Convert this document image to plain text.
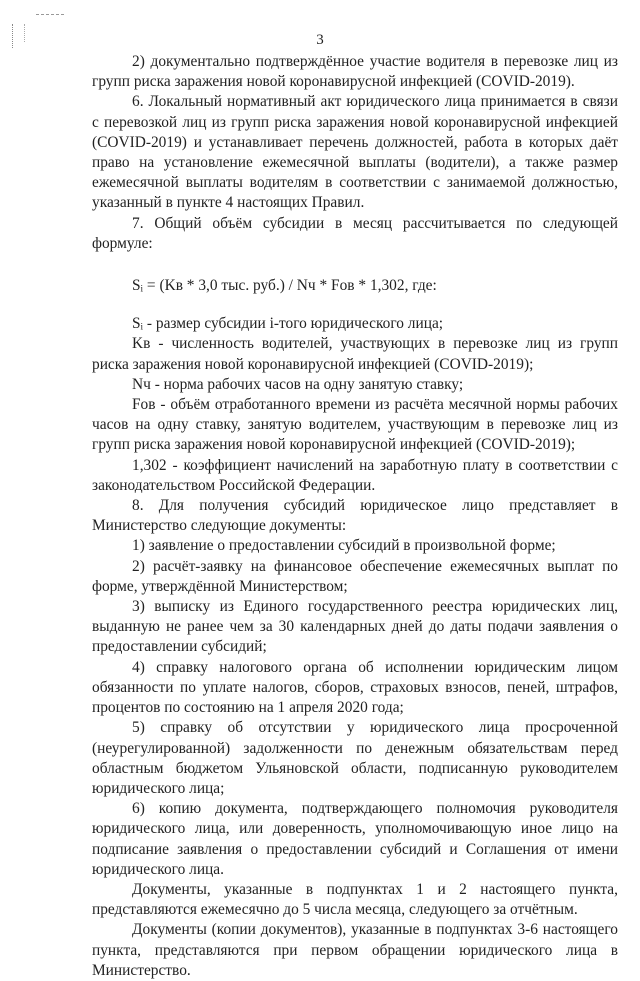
3

2) документально подтверждённое участие водителя в перевозке лиц из групп риска заражения новой коронавирусной инфекцией (COVID-2019).

6. Локальный нормативный акт юридического лица принимается в связи с перевозкой лиц из групп риска заражения новой коронавирусной инфекцией (COVID-2019) и устанавливает перечень должностей, работа в которых даёт право на установление ежемесячной выплаты (водители), а также размер ежемесячной выплаты водителям в соответствии с занимаемой должностью, указанный в пункте 4 настоящих Правил.

7. Общий объём субсидии в месяц рассчитывается по следующей формуле:

Sᵢ = (Kв * 3,0 тыс. руб.) / Nч * Fов * 1,302, где:

Sᵢ - размер субсидии i-того юридического лица;

Kв - численность водителей, участвующих в перевозке лиц из групп риска заражения новой коронавирусной инфекцией (COVID-2019);

Nч - норма рабочих часов на одну занятую ставку;

Fов - объём отработанного времени из расчёта месячной нормы рабочих часов на одну ставку, занятую водителем, участвующим в перевозке лиц из групп риска заражения новой коронавирусной инфекцией (COVID-2019);

1,302 - коэффициент начислений на заработную плату в соответствии с законодательством Российской Федерации.

8. Для получения субсидий юридическое лицо представляет в Министерство следующие документы:

1) заявление о предоставлении субсидий в произвольной форме;

2) расчёт-заявку на финансовое обеспечение ежемесячных выплат по форме, утверждённой Министерством;

3) выписку из Единого государственного реестра юридических лиц, выданную не ранее чем за 30 календарных дней до даты подачи заявления о предоставлении субсидий;

4) справку налогового органа об исполнении юридическим лицом обязанности по уплате налогов, сборов, страховых взносов, пеней, штрафов, процентов по состоянию на 1 апреля 2020 года;

5) справку об отсутствии у юридического лица просроченной (неурегулированной) задолженности по денежным обязательствам перед областным бюджетом Ульяновской области, подписанную руководителем юридического лица;

6) копию документа, подтверждающего полномочия руководителя юридического лица, или доверенность, уполномочивающую иное лицо на подписание заявления о предоставлении субсидий и Соглашения от имени юридического лица.

Документы, указанные в подпунктах 1 и 2 настоящего пункта, представляются ежемесячно до 5 числа месяца, следующего за отчётным.

Документы (копии документов), указанные в подпунктах 3-6 настоящего пункта, представляются при первом обращении юридического лица в Министерство.
